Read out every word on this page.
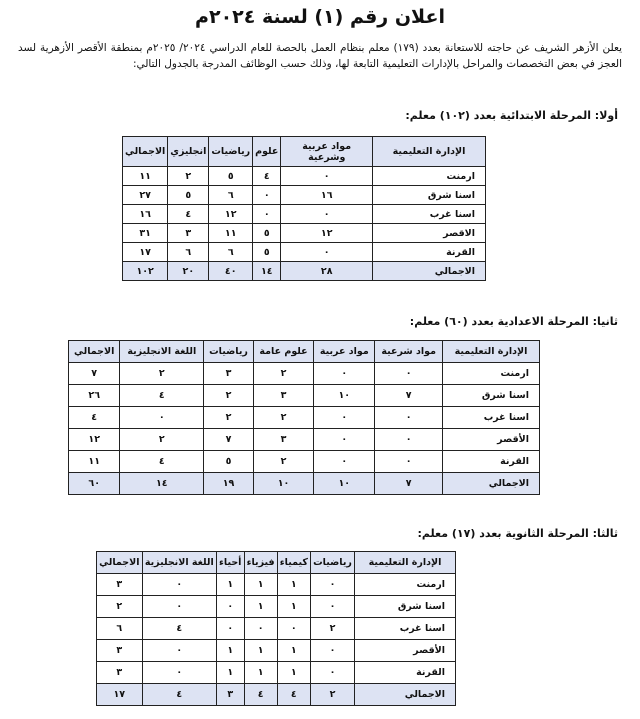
اعلان رقم (١) لسنة ٢٠٢٤م
يعلن الأزهر الشريف عن حاجته للاستعانة بعدد (١٧٩) معلم بنظام العمل بالحصة للعام الدراسي ٢٠٢٤/ ٢٠٢٥م بمنطقة الأقصر الأزهرية لسد العجز في بعض التخصصات والمراحل بالإدارات التعليمية التابعة لها، وذلك حسب الوظائف المدرجة بالجدول التالي:
أولا: المرحلة الابتدائية بعدد (١٠٢) معلم:
الإدارة التعليمية	مواد عربية وشرعية	علوم	رياضيات	انجليزي	الاجمالي
ارمنت	٠	٤	٥	٢	١١
اسنا شرق	١٦	٠	٦	٥	٢٧
اسنا غرب	٠	٠	١٢	٤	١٦
الاقصر	١٢	٥	١١	٣	٣١
القرنة	٠	٥	٦	٦	١٧
الاجمالي	٢٨	١٤	٤٠	٢٠	١٠٢
ثانيا: المرحلة الاعدادية بعدد (٦٠) معلم:
الإدارة التعليمية	مواد شرعية	مواد عربية	علوم عامة	رياضيات	اللغة الانجليزية	الاجمالي
ارمنت	٠	٠	٢	٣	٢	٧
اسنا شرق	٧	١٠	٣	٢	٤	٢٦
اسنا غرب	٠	٠	٢	٢	٠	٤
الأقصر	٠	٠	٣	٧	٢	١٢
القرنة	٠	٠	٢	٥	٤	١١
الاجمالي	٧	١٠	١٠	١٩	١٤	٦٠
ثالثا: المرحلة الثانوية بعدد (١٧) معلم:
الإدارة التعليمية	رياضيات	كيمياء	فيزياء	أحياء	اللغة الانجليزية	الاجمالي
ارمنت	٠	١	١	١	٠	٣
اسنا شرق	٠	١	١	٠	٠	٢
اسنا غرب	٢	٠	٠	٠	٤	٦
الأقصر	٠	١	١	١	٠	٣
القرنة	٠	١	١	١	٠	٣
الاجمالي	٢	٤	٤	٣	٤	١٧
